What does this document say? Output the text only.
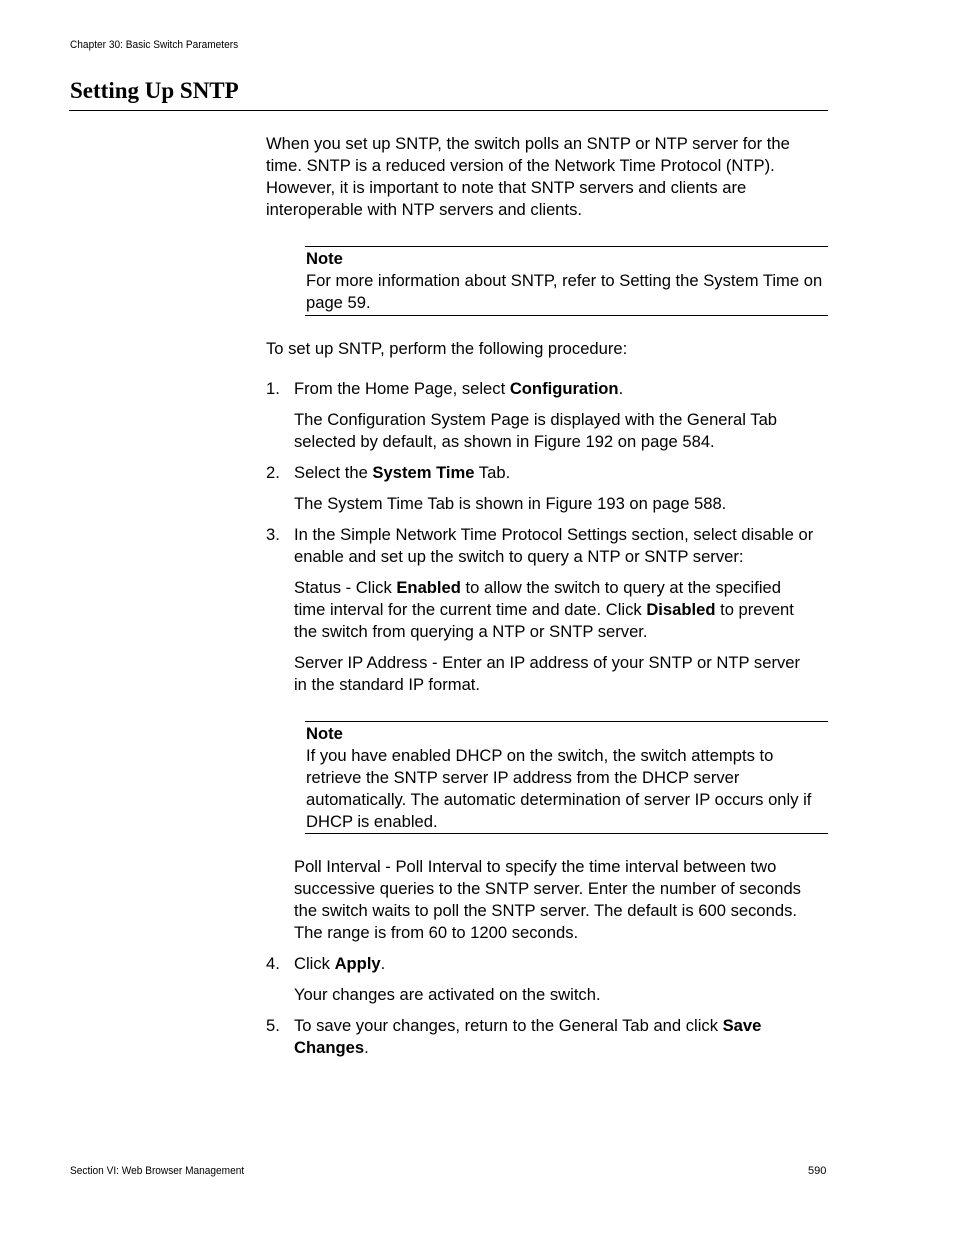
Chapter 30: Basic Switch Parameters
Setting Up SNTP

When you set up SNTP, the switch polls an SNTP or NTP server for the time. SNTP is a reduced version of the Network Time Protocol (NTP). However, it is important to note that SNTP servers and clients are interoperable with NTP servers and clients.

Note
For more information about SNTP, refer to Setting the System Time on page 59.

To set up SNTP, perform the following procedure:

1. From the Home Page, select Configuration.

The Configuration System Page is displayed with the General Tab selected by default, as shown in Figure 192 on page 584.

2. Select the System Time Tab.

The System Time Tab is shown in Figure 193 on page 588.

3. In the Simple Network Time Protocol Settings section, select disable or enable and set up the switch to query a NTP or SNTP server:

Status - Click Enabled to allow the switch to query at the specified time interval for the current time and date. Click Disabled to prevent the switch from querying a NTP or SNTP server.

Server IP Address - Enter an IP address of your SNTP or NTP server in the standard IP format.

Note
If you have enabled DHCP on the switch, the switch attempts to retrieve the SNTP server IP address from the DHCP server automatically. The automatic determination of server IP occurs only if DHCP is enabled.

Poll Interval - Poll Interval to specify the time interval between two successive queries to the SNTP server. Enter the number of seconds the switch waits to poll the SNTP server. The default is 600 seconds. The range is from 60 to 1200 seconds.

4. Click Apply.

Your changes are activated on the switch.

5. To save your changes, return to the General Tab and click Save Changes.

Section VI: Web Browser Management	590
